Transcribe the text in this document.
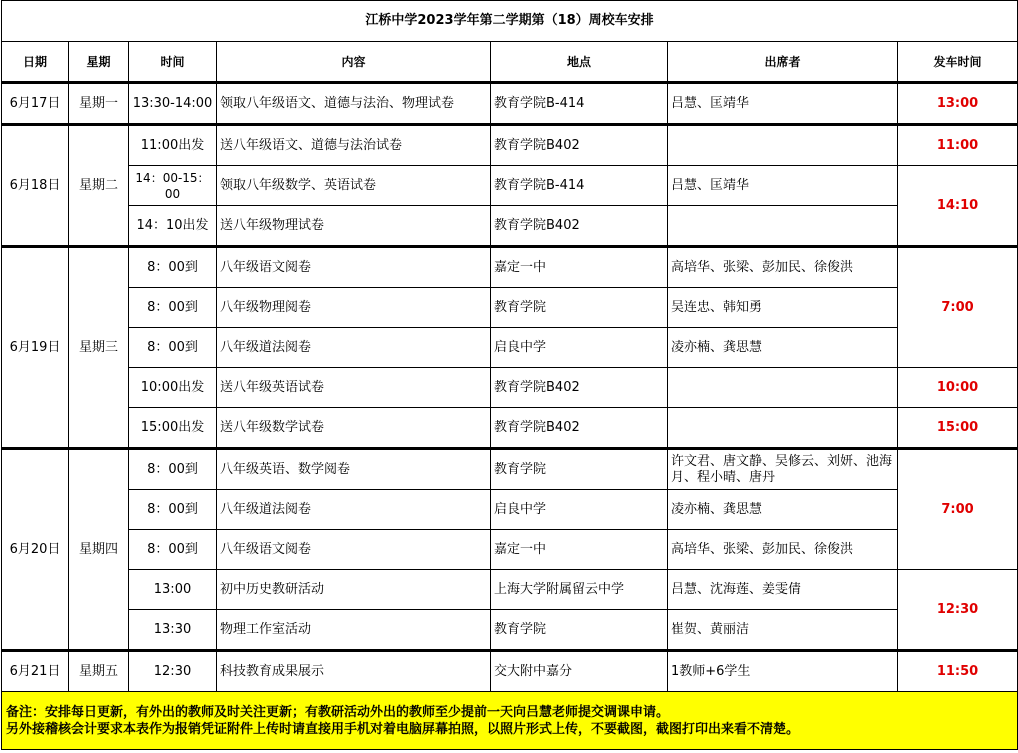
江桥中学2023学年第二学期第（18）周校车安排						
日期	星期	时间	内容	地点	出席者	发车时间
6月17日	星期一	13:30-14:00	领取八年级语文、道德与法治、物理试卷	教育学院B-414	吕慧、匡靖华	13:00
6月18日	星期二	11:00出发	送八年级语文、道德与法治试卷	教育学院B402		11:00
		14：00-15：00	领取八年级数学、英语试卷	教育学院B-414	吕慧、匡靖华	14:10
		14：10出发	送八年级物理试卷	教育学院B402		
6月19日	星期三	8：00到	八年级语文阅卷	嘉定一中	高培华、张梁、彭加民、徐俊洪	7:00
		8：00到	八年级物理阅卷	教育学院	吴连忠、韩知勇	
		8：00到	八年级道法阅卷	启良中学	凌亦楠、龚思慧	
		10:00出发	送八年级英语试卷	教育学院B402		10:00
		15:00出发	送八年级数学试卷	教育学院B402		15:00
6月20日	星期四	8：00到	八年级英语、数学阅卷	教育学院	许文君、唐文静、吴修云、刘妍、池海月、程小晴、唐丹	7:00
		8：00到	八年级道法阅卷	启良中学	凌亦楠、龚思慧	
		8：00到	八年级语文阅卷	嘉定一中	高培华、张梁、彭加民、徐俊洪	
		13:00	初中历史教研活动	上海大学附属留云中学	吕慧、沈海莲、姜雯倩	12:30
		13:30	物理工作室活动	教育学院	崔贺、黄丽洁	
6月21日	星期五	12:30	科技教育成果展示	交大附中嘉分	1教师+6学生	11:50

备注：安排每日更新，有外出的教师及时关注更新；有教研活动外出的教师至少提前一天向吕慧老师提交调课申请。
另外接稽核会计要求本表作为报销凭证附件上传时请直接用手机对着电脑屏幕拍照，以照片形式上传，不要截图，截图打印出来看不清楚。						
